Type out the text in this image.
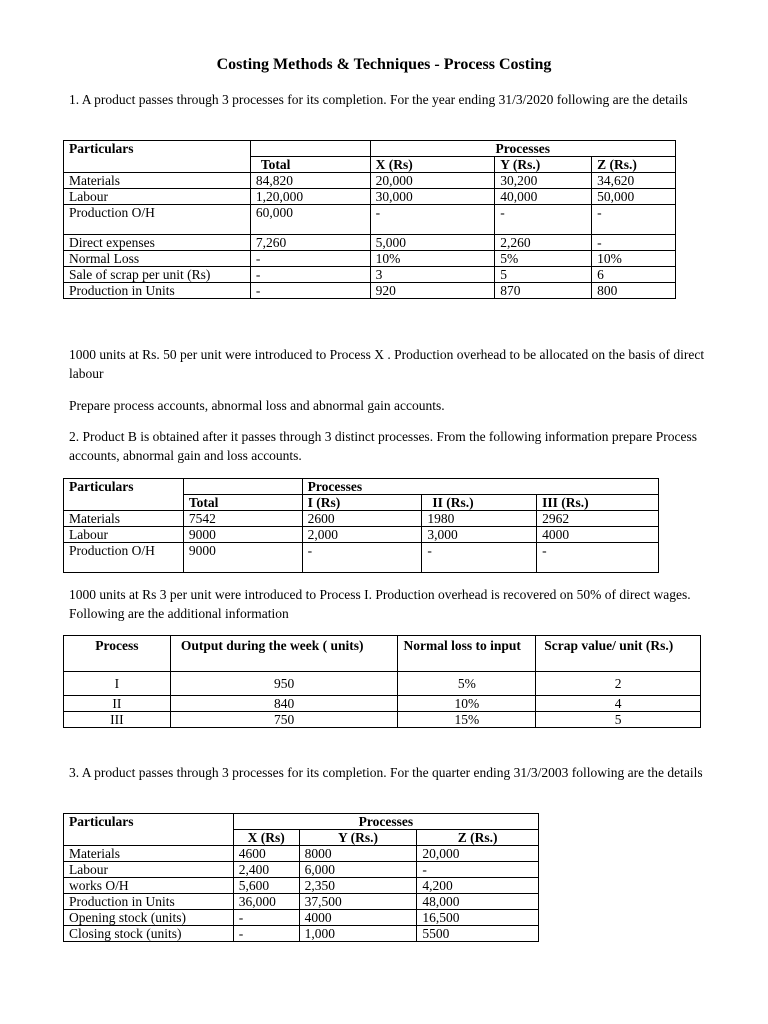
Costing Methods & Techniques - Process Costing
1. A product passes through 3 processes for its completion. For the year ending 31/3/2020 following are the details
Particulars		Processes		
	Total	X (Rs)	Y (Rs.)	Z (Rs.)
Materials	84,820	20,000	30,200	34,620
Labour	1,20,000	30,000	40,000	50,000
Production O/H	60,000	-	-	-

Direct expenses	7,260	5,000	2,260	-
Normal Loss	-	10%	5%	10%
Sale of scrap per unit (Rs)	-	3	5	6
Production in Units	-	920	870	800
1000 units at Rs. 50 per unit were introduced to Process X . Production overhead to be allocated on the basis of direct labour
Prepare process accounts, abnormal loss and abnormal gain accounts.
2. Product B is obtained after it passes through 3 distinct processes. From the following information prepare Process accounts, abnormal gain and loss accounts.
Particulars		Processes		
	Total	I (Rs)	II (Rs.)	III (Rs.)
Materials	7542	2600	1980	2962
Labour	9000	2,000	3,000	4000
Production O/H	9000	-	-	-
1000 units at Rs 3 per unit were introduced to Process I. Production overhead is recovered on 50% of direct wages. Following are the additional information
Process	Output during the week ( units)	Normal loss to input	Scrap value/ unit (Rs.)
I	950	5%	2
II	840	10%	4
III	750	15%	5
3. A product passes through 3 processes for its completion. For the quarter ending 31/3/2003 following are the details
Particulars	Processes		
	X (Rs)	Y (Rs.)	Z (Rs.)
Materials	4600	8000	20,000
Labour	2,400	6,000	-
works O/H	5,600	2,350	4,200
Production in Units	36,000	37,500	48,000
Opening stock (units)	-	4000	16,500
Closing stock (units)	-	1,000	5500
